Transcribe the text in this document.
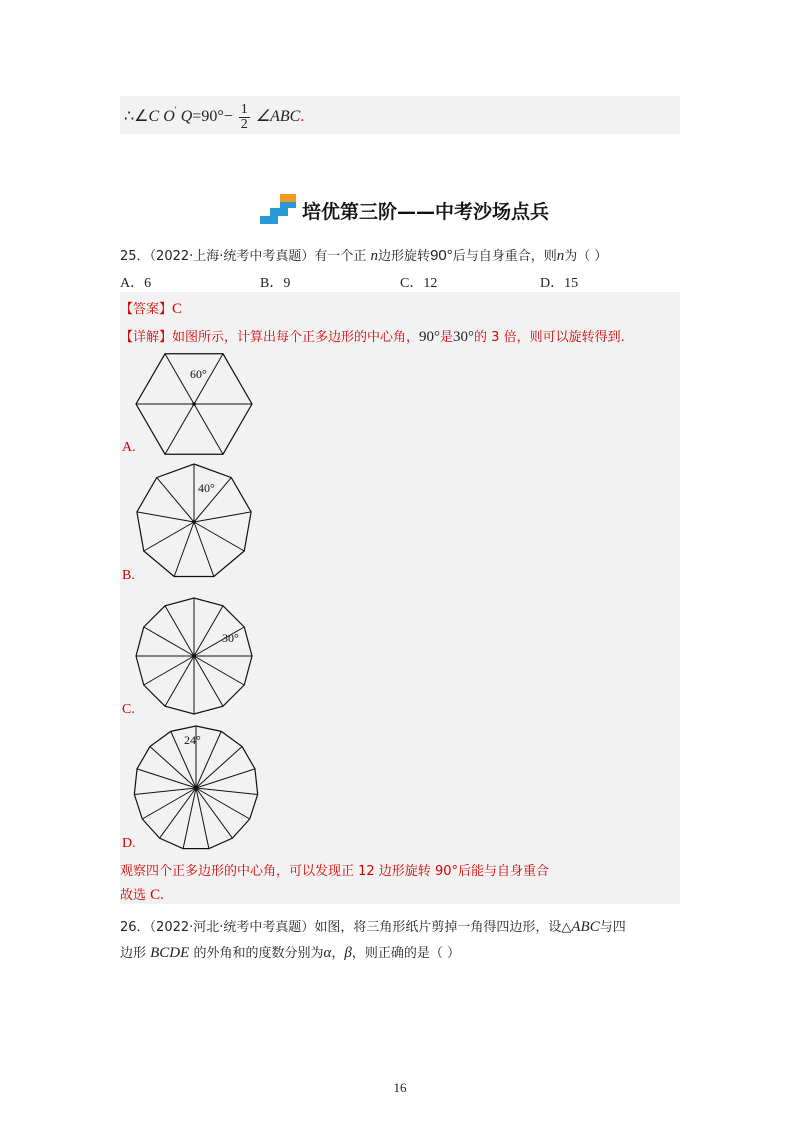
∴∠C O′ $Q=90^\circ- \frac{1}{2}$ ∠ABC.
培优第三阶——中考沙场点兵
25．（2022·上海·统考中考真题）有一个正 n边形旋转90°后与自身重合，则n为（ ）
A．6	B．9	C．12	D．15
【答案】C
【详解】如图所示，计算出每个正多边形的中心角，90°是30°的 3 倍，则可以旋转得到.
60°
A.
40°
B.
30°
C.
24°
D.
观察四个正多边形的中心角，可以发现正 12 边形旋转 90°后能与自身重合
故选 C.
26．（2022·河北·统考中考真题）如图，将三角形纸片剪掉一角得四边形，设△ABC与四
边形 BCDE 的外角和的度数分别为α，β，则正确的是（ ）
16
